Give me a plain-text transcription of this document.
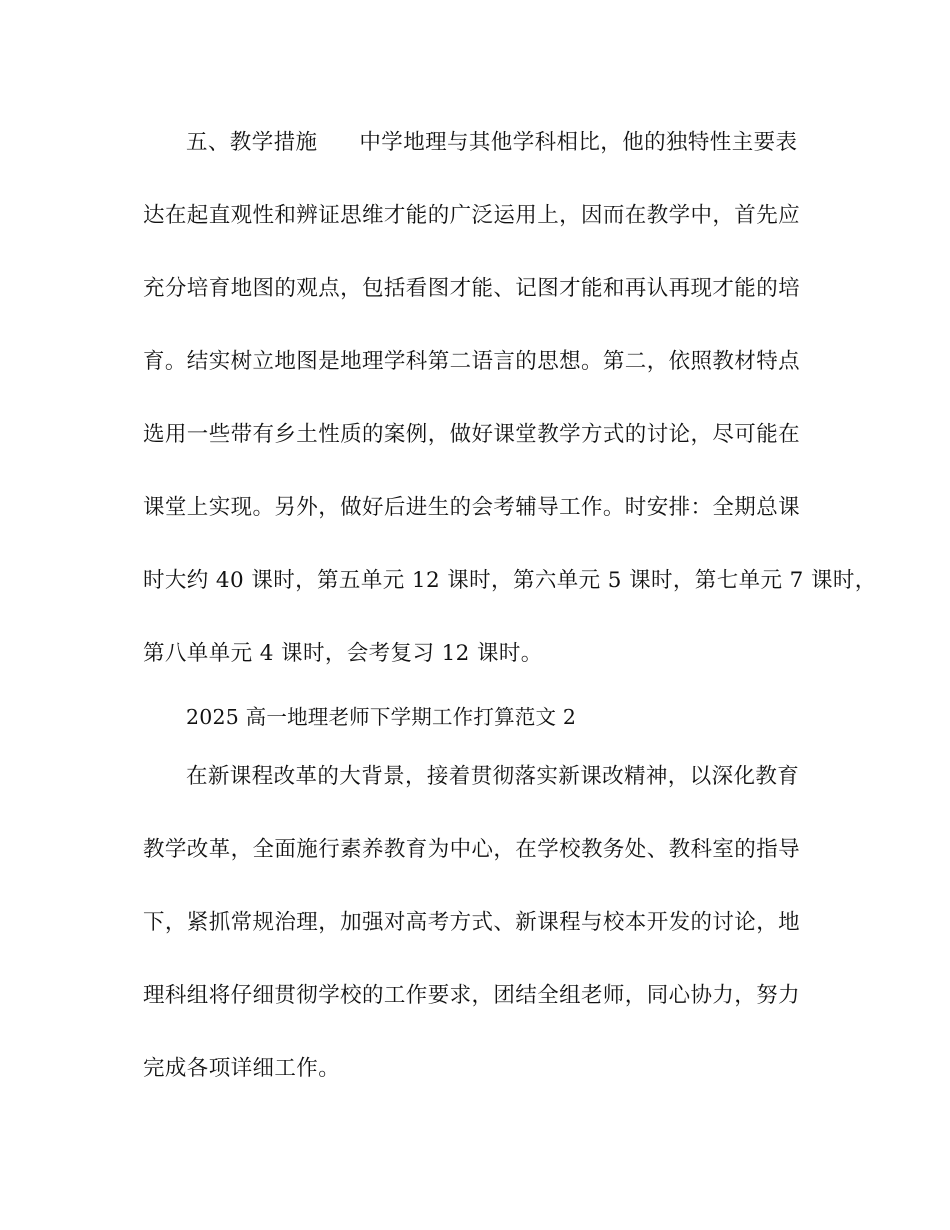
五、教学措施 中学地理与其他学科相比，他的独特性主要表
达在起直观性和辨证思维才能的广泛运用上，因而在教学中，首先应
充分培育地图的观点，包括看图才能、记图才能和再认再现才能的培
育。结实树立地图是地理学科第二语言的思想。第二，依照教材特点
选用一些带有乡土性质的案例，做好课堂教学方式的讨论，尽可能在
课堂上实现。另外，做好后进生的会考辅导工作。时安排：全期总课
时大约 40 课时，第五单元 12 课时，第六单元 5 课时，第七单元 7 课时，
第八单单元 4 课时，会考复习 12 课时。
2025 高一地理老师下学期工作打算范文 2
在新课程改革的大背景，接着贯彻落实新课改精神，以深化教育
教学改革，全面施行素养教育为中心，在学校教务处、教科室的指导
下，紧抓常规治理，加强对高考方式、新课程与校本开发的讨论，地
理科组将仔细贯彻学校的工作要求，团结全组老师，同心协力，努力
完成各项详细工作。
